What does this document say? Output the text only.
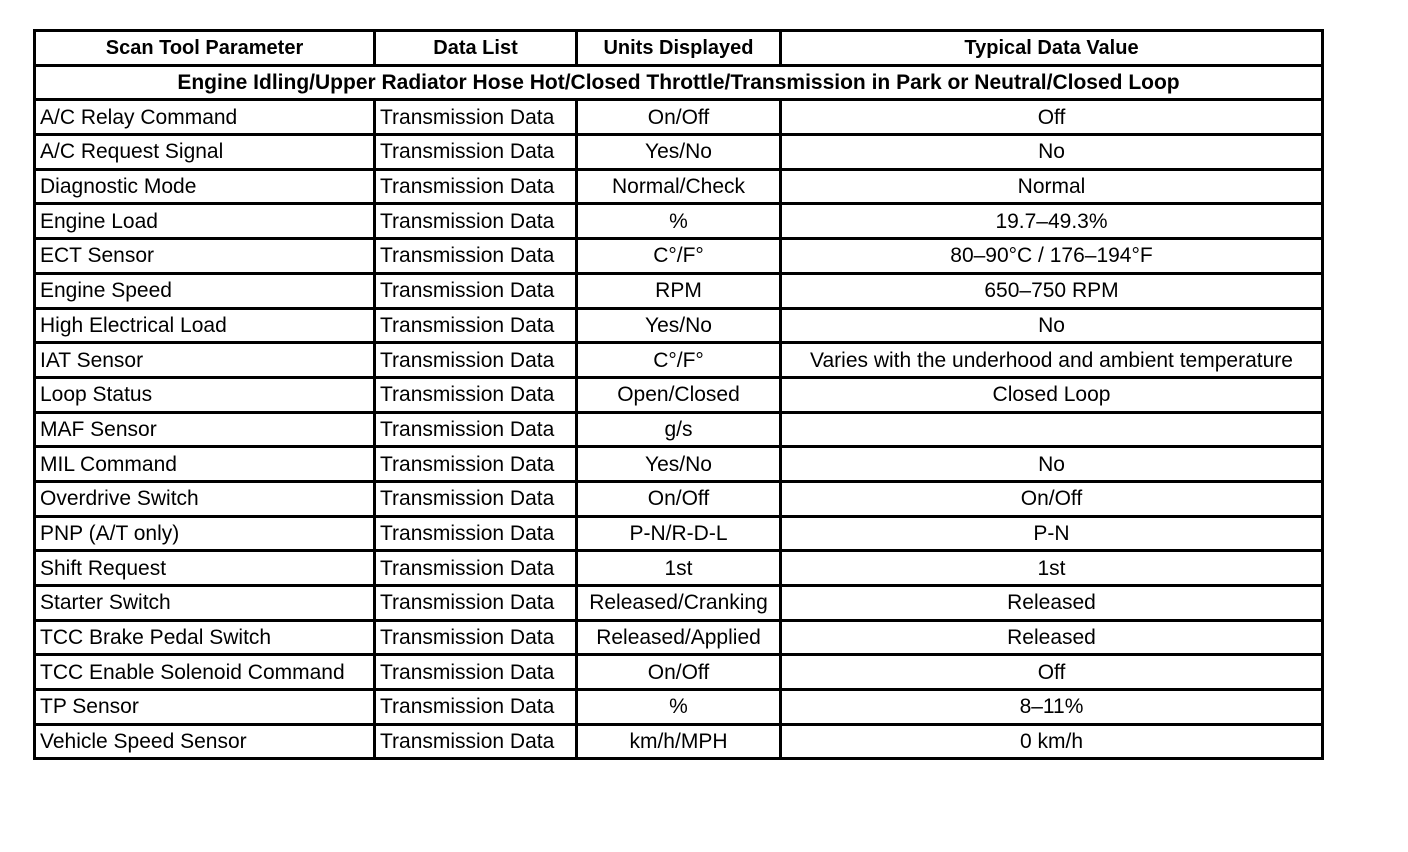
Scan Tool Parameter	Data List	Units Displayed	Typical Data Value
Engine Idling/Upper Radiator Hose Hot/Closed Throttle/Transmission in Park or Neutral/Closed Loop			
A/C Relay Command	Transmission Data	On/Off	Off
A/C Request Signal	Transmission Data	Yes/No	No
Diagnostic Mode	Transmission Data	Normal/Check	Normal
Engine Load	Transmission Data	%	19.7–49.3%
ECT Sensor	Transmission Data	C°/F°	80–90°C / 176–194°F
Engine Speed	Transmission Data	RPM	650–750 RPM
High Electrical Load	Transmission Data	Yes/No	No
IAT Sensor	Transmission Data	C°/F°	Varies with the underhood and ambient temperature
Loop Status	Transmission Data	Open/Closed	Closed Loop
MAF Sensor	Transmission Data	g/s	
MIL Command	Transmission Data	Yes/No	No
Overdrive Switch	Transmission Data	On/Off	On/Off
PNP (A/T only)	Transmission Data	P-N/R-D-L	P-N
Shift Request	Transmission Data	1st	1st
Starter Switch	Transmission Data	Released/Cranking	Released
TCC Brake Pedal Switch	Transmission Data	Released/Applied	Released
TCC Enable Solenoid Command	Transmission Data	On/Off	Off
TP Sensor	Transmission Data	%	8–11%
Vehicle Speed Sensor	Transmission Data	km/h/MPH	0 km/h
